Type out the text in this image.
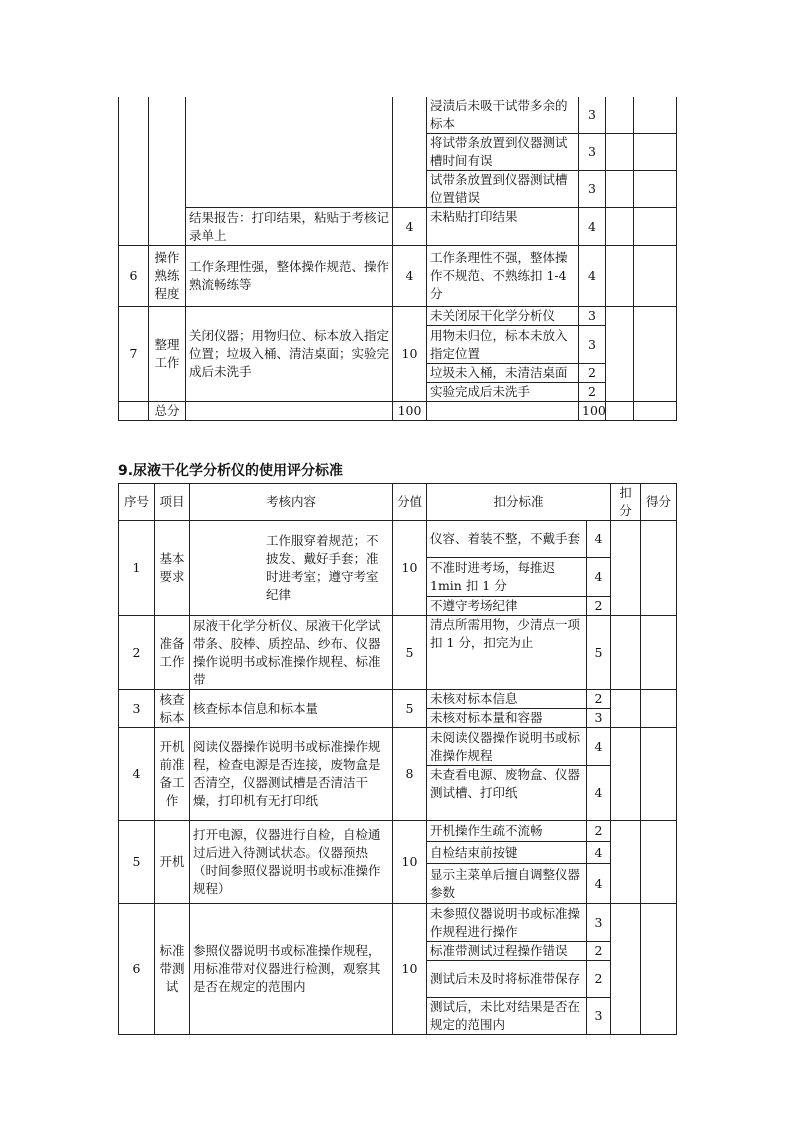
				浸渍后未吸干试带多余的标本	3		
				将试带条放置到仪器测试槽时间有误	3		
				试带条放置到仪器测试槽位置错误	3		
		结果报告：打印结果，粘贴于考核记录单上	4	未粘贴打印结果	4		
6	操作熟练程度	工作条理性强，整体操作规范、操作熟流畅练等	4	工作条理性不强，整体操作不规范、不熟练扣 1-4 分	4		
7	整理工作	关闭仪器；用物归位、标本放入指定位置；垃圾入桶、清洁桌面；实验完成后未洗手	10	未关闭尿干化学分析仪	3		
				用物未归位，标本未放入指定位置	3		
				垃圾未入桶，未清洁桌面	2		
				实验完成后未洗手	2		
	总分		100		100		
9.尿液干化学分析仪的使用评分标准
序号	项目	考核内容	分值	扣分标准		扣分	得分
1	基本要求	工作服穿着规范；不披发、戴好手套；准时进考室；遵守考室纪律	10	仪容、着装不整，不戴手套	4		
				不准时进考场，每推迟 1min 扣 1 分	4		
				不遵守考场纪律	2		
2	准备工作	尿液干化学分析仪、尿液干化学试带条、胶棒、质控品、纱布、仪器操作说明书或标准操作规程、标准带	5	清点所需用物，少清点一项扣 1 分，扣完为止	5		
3	核查标本	核查标本信息和标本量	5	未核对标本信息	2		
				未核对标本量和容器	3		
4	开机前准备工作	阅读仪器操作说明书或标准操作规程，检查电源是否连接，废物盒是否清空，仪器测试槽是否清洁干燥，打印机有无打印纸	8	未阅读仪器操作说明书或标准操作规程	4		
				未查看电源、废物盒、仪器测试槽、打印纸	4		
5	开机	打开电源，仪器进行自检，自检通过后进入待测试状态。仪器预热（时间参照仪器说明书或标准操作规程）	10	开机操作生疏不流畅	2		
				自检结束前按键	4		
				显示主菜单后擅自调整仪器参数	4		
6	标准带测试	参照仪器说明书或标准操作规程，用标准带对仪器进行检测，观察其是否在规定的范围内	10	未参照仪器说明书或标准操作规程进行操作	3		
				标准带测试过程操作错误	2		
				测试后未及时将标准带保存	2		
				测试后，未比对结果是否在规定的范围内	3		
